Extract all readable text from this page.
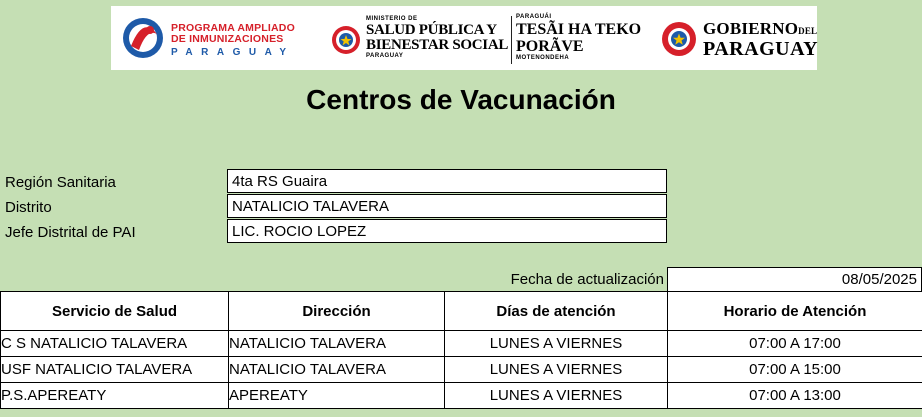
PROGRAMA AMPLIADO
DE INMUNIZACIONES
PARAGUAY
MINISTERIO DE
SALUD PÚBLICA Y
BIENESTAR SOCIAL
PARAGUAY
PARAGUÁI
TESÃI HA TEKO
PORÃVE
MOTENONDEHA
GOBIERNODEL
PARAGUAY
Centros de Vacunación
Región Sanitaria	4ta RS Guaira
Distrito	NATALICIO TALAVERA
Jefe Distrital de PAI	LIC. ROCIO LOPEZ
Fecha de actualización	08/05/2025
Servicio de Salud	Dirección	Días de atención	Horario de Atención
C S NATALICIO TALAVERA	NATALICIO TALAVERA	LUNES A VIERNES	07:00 A 17:00
USF NATALICIO TALAVERA	NATALICIO TALAVERA	LUNES A VIERNES	07:00 A 15:00
P.S.APEREATY	APEREATY	LUNES A VIERNES	07:00 A 13:00
